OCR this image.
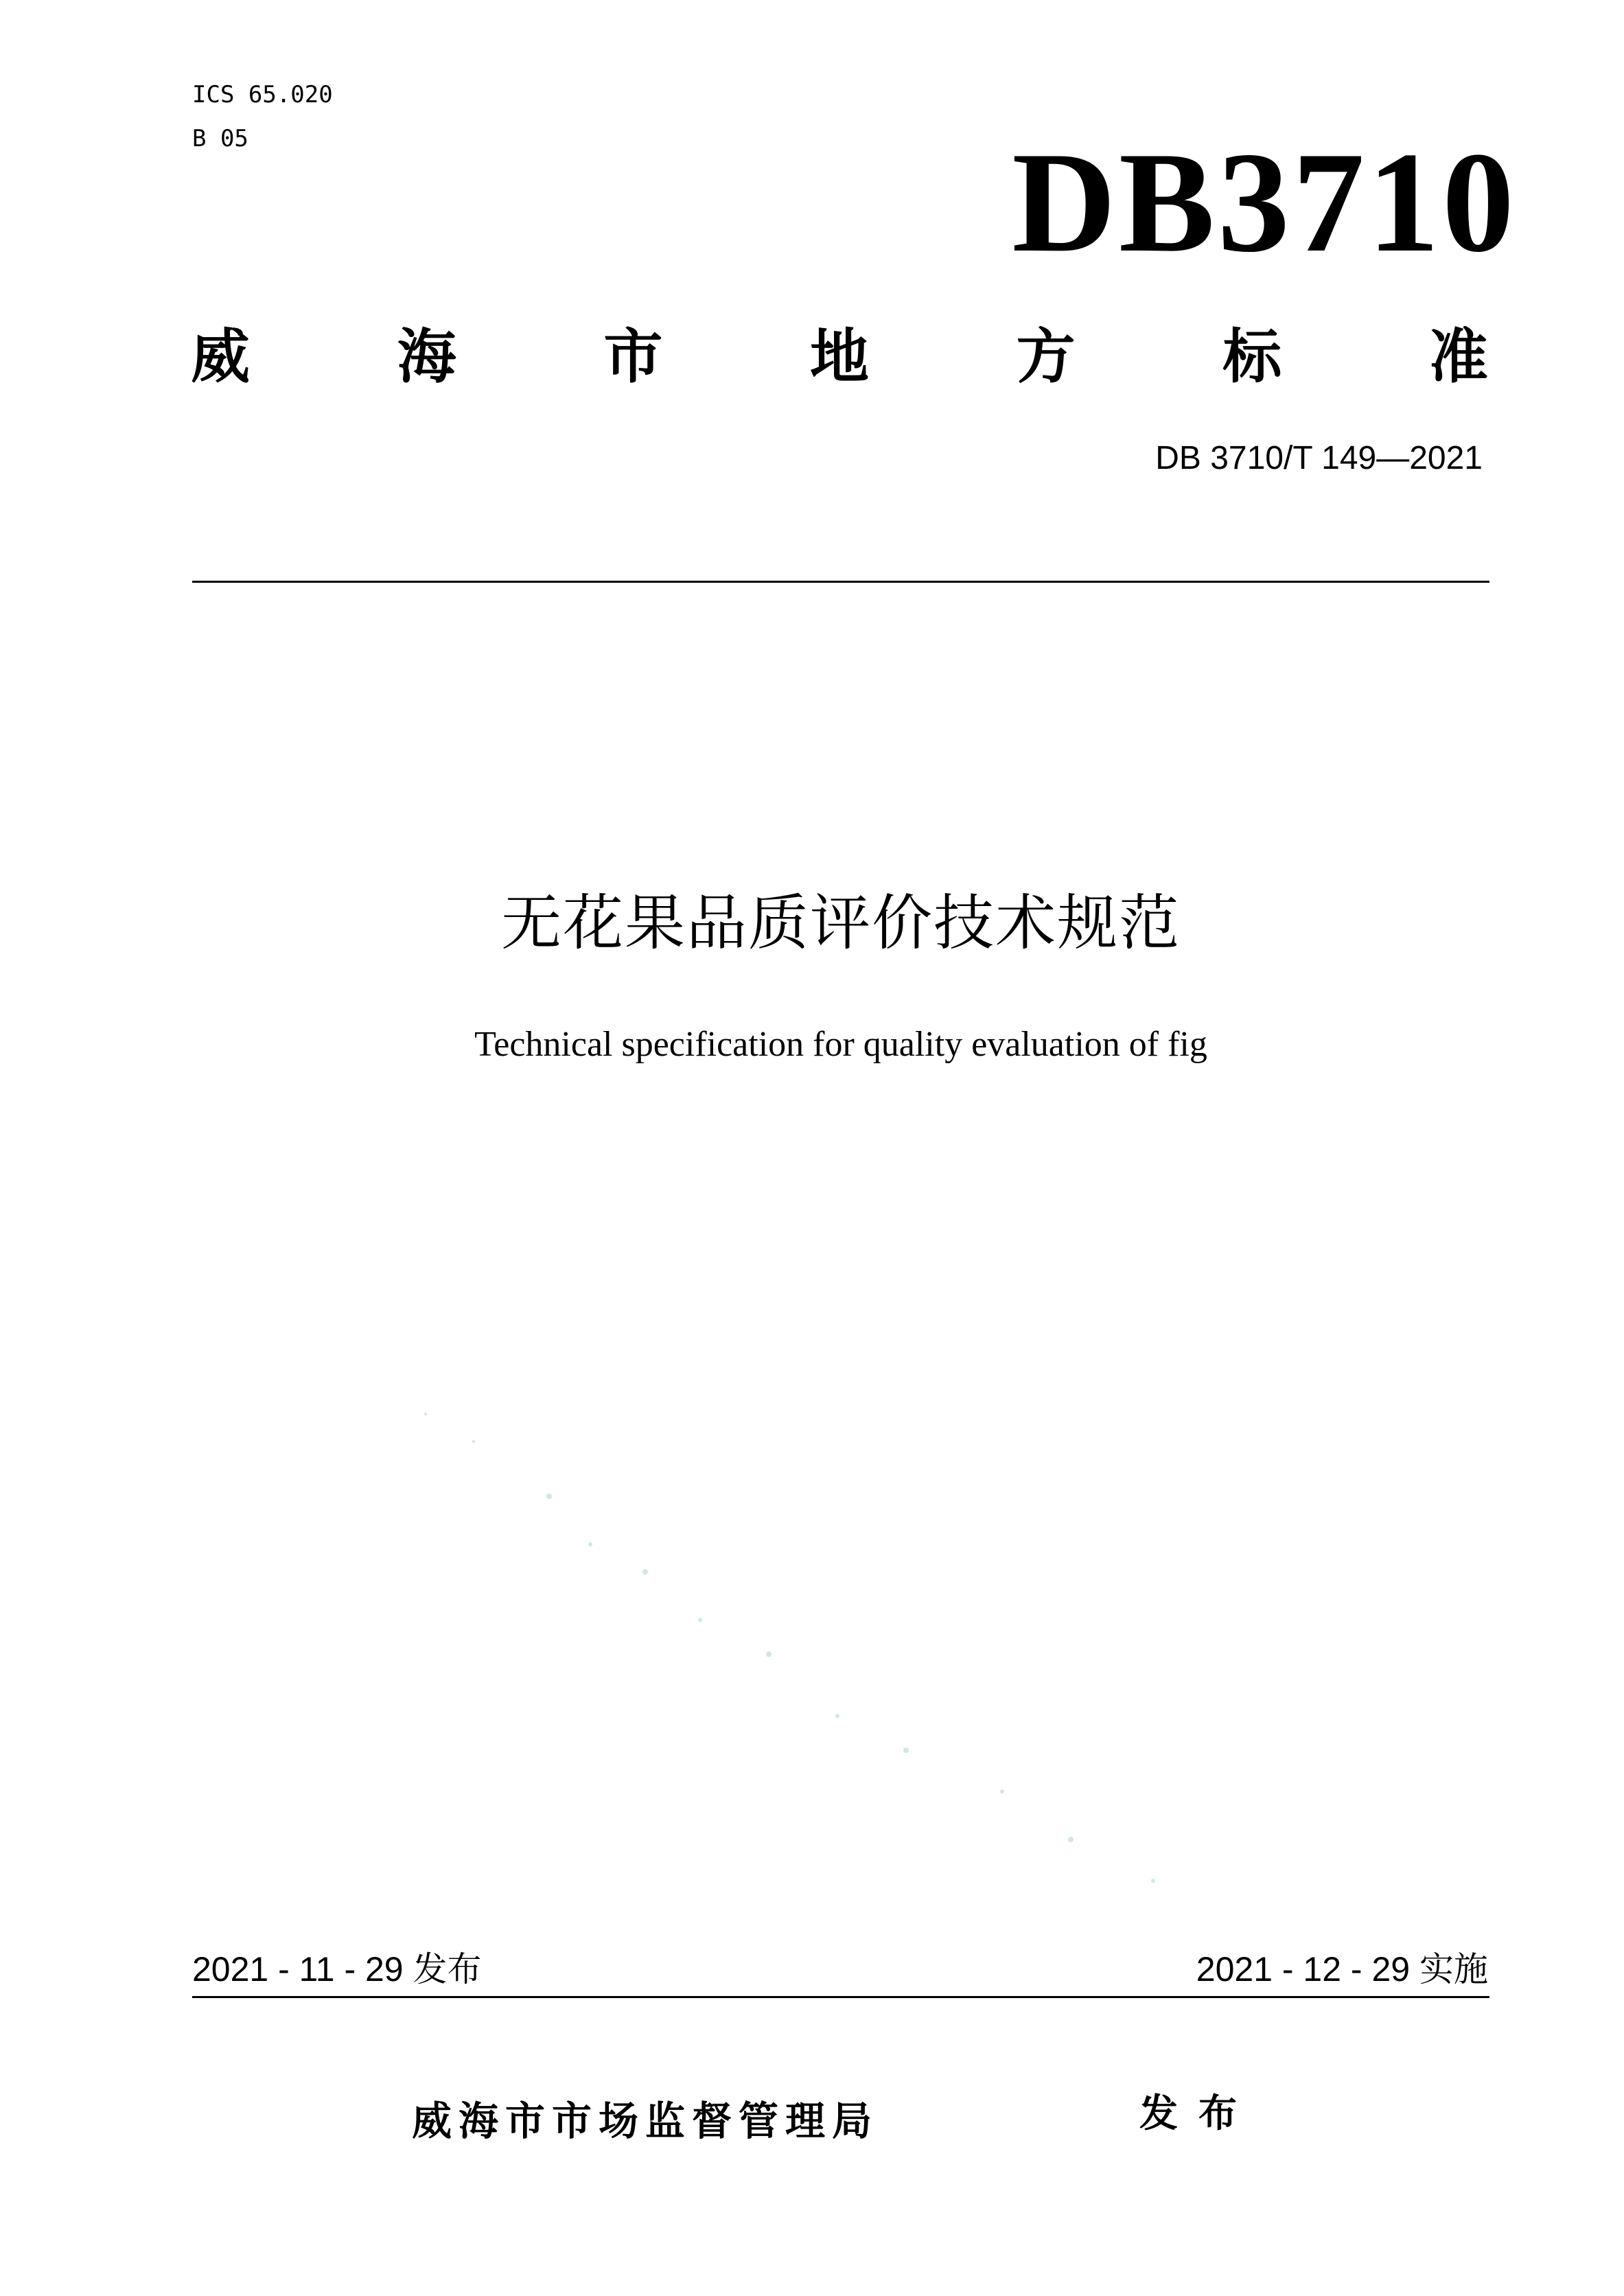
ICS 65.020
B 05	DB3710
威 海 市 地 方 标 准
DB 3710/T 149—2021
无花果品质评价技术规范
Technical specification for quality evaluation of fig
2021 - 11 - 29 发布	2021 - 12 - 29 实施
威海市市场监督管理局	发布
